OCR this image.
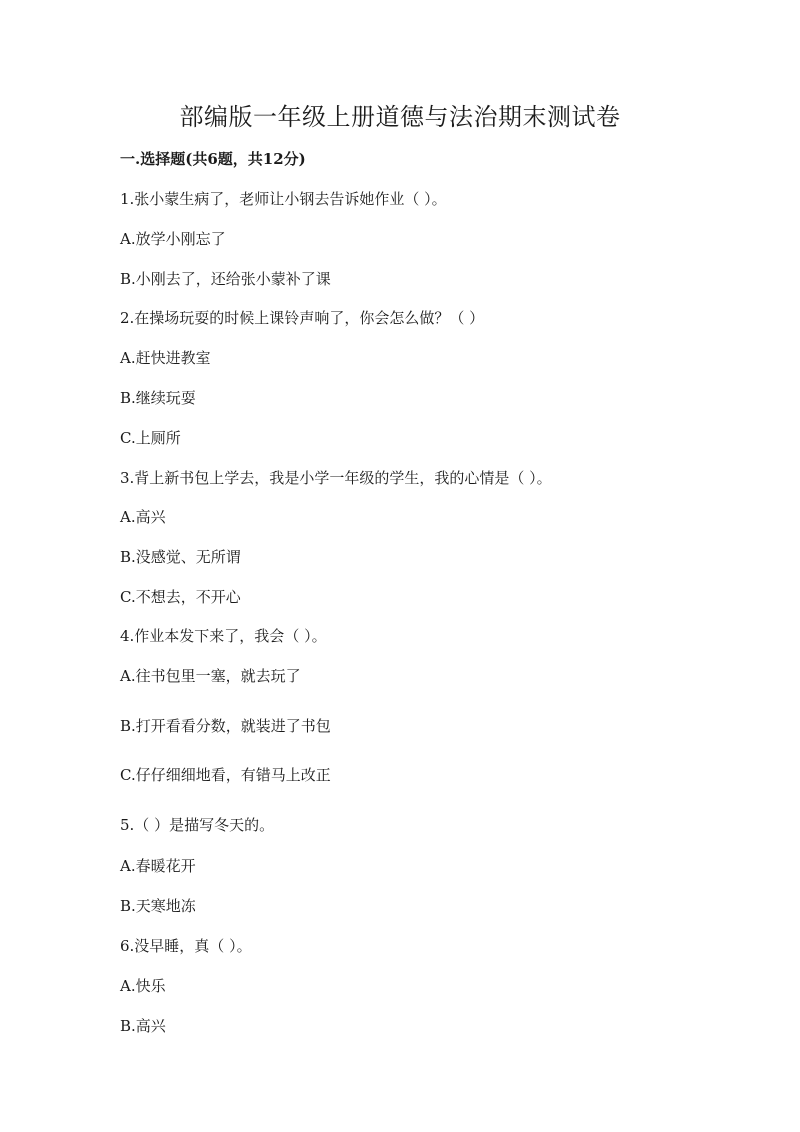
部编版一年级上册道德与法治期末测试卷
一.选择题(共6题，共12分)

1.张小蒙生病了，老师让小钢去告诉她作业（ ）。

A.放学小刚忘了

B.小刚去了，还给张小蒙补了课

2.在操场玩耍的时候上课铃声响了，你会怎么做？（ ）

A.赶快进教室

B.继续玩耍

C.上厕所

3.背上新书包上学去，我是小学一年级的学生，我的心情是（ ）。

A.高兴

B.没感觉、无所谓

C.不想去，不开心

4.作业本发下来了，我会（ ）。

A.往书包里一塞，就去玩了

B.打开看看分数，就装进了书包

C.仔仔细细地看，有错马上改正

5.（ ）是描写冬天的。

A.春暖花开

B.天寒地冻

6.没早睡，真（ ）。

A.快乐

B.高兴
